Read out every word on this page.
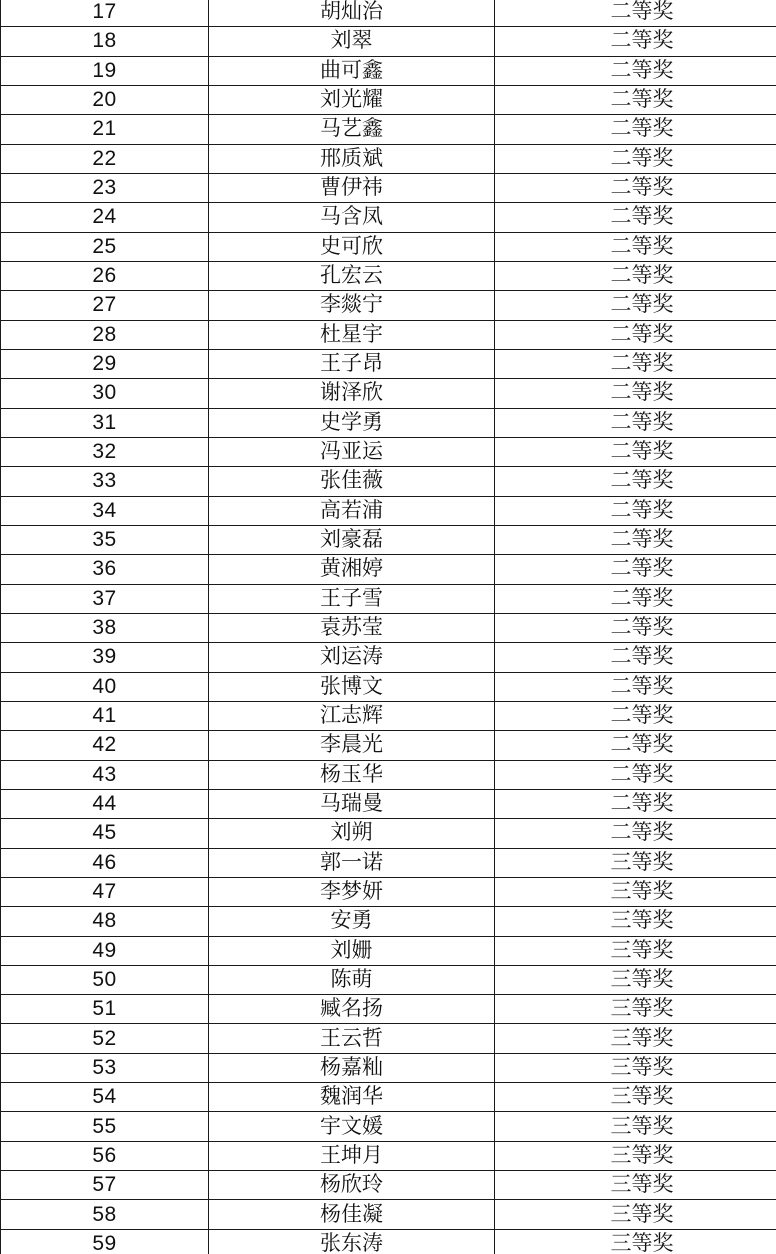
17	胡灿治	二等奖
18	刘翠	二等奖
19	曲可鑫	二等奖
20	刘光耀	二等奖
21	马艺鑫	二等奖
22	邢质斌	二等奖
23	曹伊祎	二等奖
24	马含凤	二等奖
25	史可欣	二等奖
26	孔宏云	二等奖
27	李燚宁	二等奖
28	杜星宇	二等奖
29	王子昂	二等奖
30	谢泽欣	二等奖
31	史学勇	二等奖
32	冯亚运	二等奖
33	张佳薇	二等奖
34	高若浦	二等奖
35	刘豪磊	二等奖
36	黄湘婷	二等奖
37	王子雪	二等奖
38	袁苏莹	二等奖
39	刘运涛	二等奖
40	张博文	二等奖
41	江志辉	二等奖
42	李晨光	二等奖
43	杨玉华	二等奖
44	马瑞曼	二等奖
45	刘朔	二等奖
46	郭一诺	三等奖
47	李梦妍	三等奖
48	安勇	三等奖
49	刘姗	三等奖
50	陈萌	三等奖
51	臧名扬	三等奖
52	王云哲	三等奖
53	杨嘉籼	三等奖
54	魏润华	三等奖
55	宇文媛	三等奖
56	王坤月	三等奖
57	杨欣玲	三等奖
58	杨佳凝	三等奖
59	张东涛	三等奖
